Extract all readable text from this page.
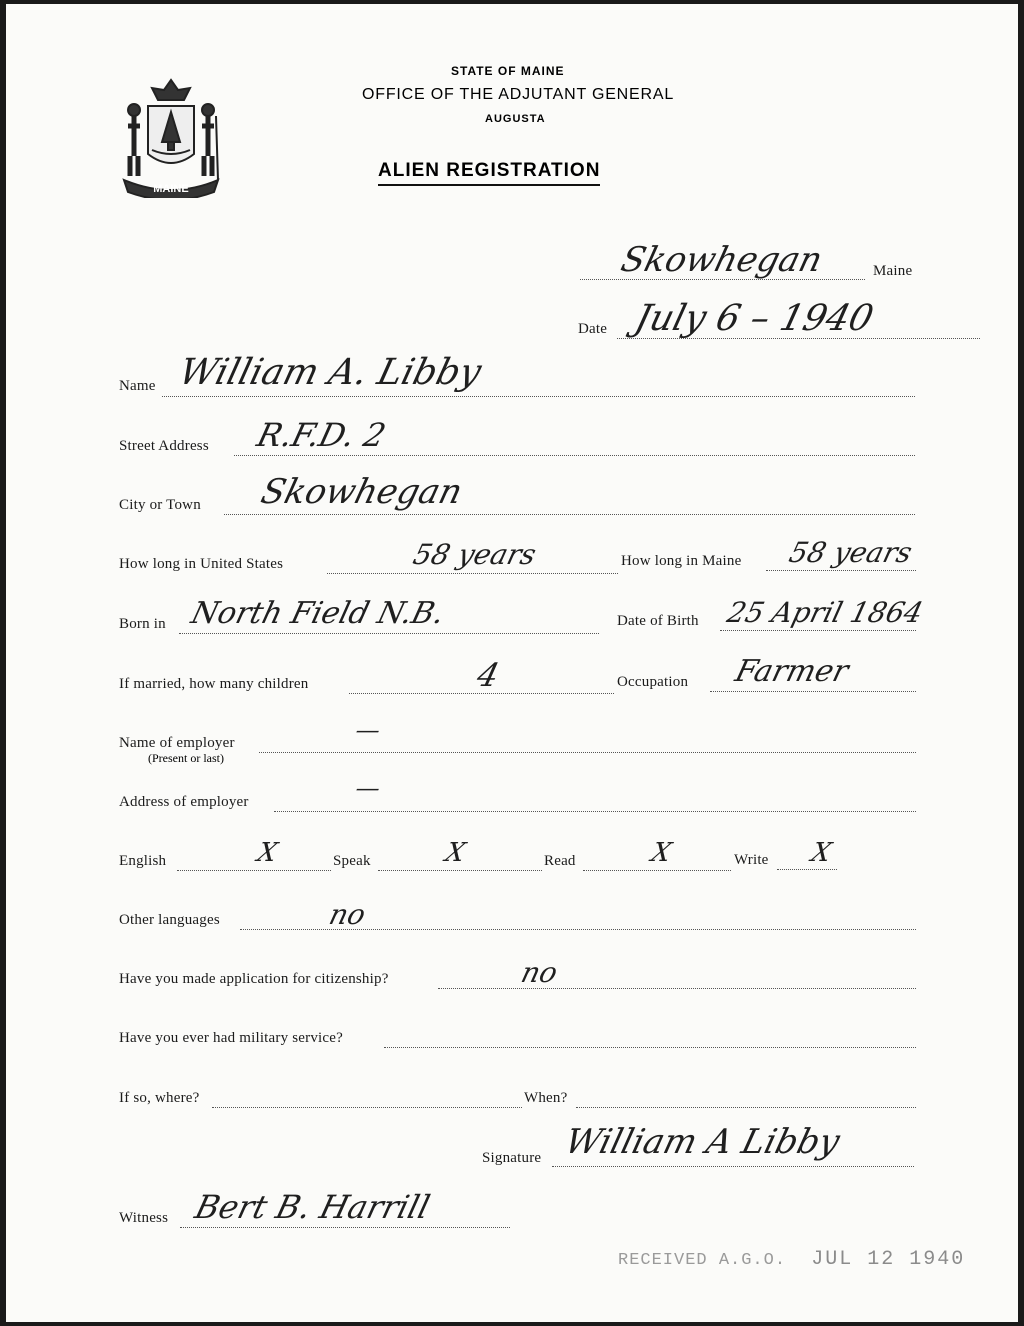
MAINE
STATE OF MAINE
OFFICE OF THE ADJUTANT GENERAL
AUGUSTA
ALIEN REGISTRATION
Skowhegan	Maine
Date July 6 – 1940
Name William A. Libby
Street Address R.F.D. 2
City or Town Skowhegan
How long in United States	58 years	How long in Maine 58 years
Born in North Field N.B.	Date of Birth 25 April 1864
If married, how many children	4	Occupation Farmer
Name of employer
(Present or last)
—
Address of employer	—
English	X	Speak	X	Read	X	Write X
Other languages	no
Have you made application for citizenship?	no
Have you ever had military service?
If so, where?	When?
Signature William A Libby
Witness Bert B. Harrill
RECEIVED A.G.O. JUL 12 1940
